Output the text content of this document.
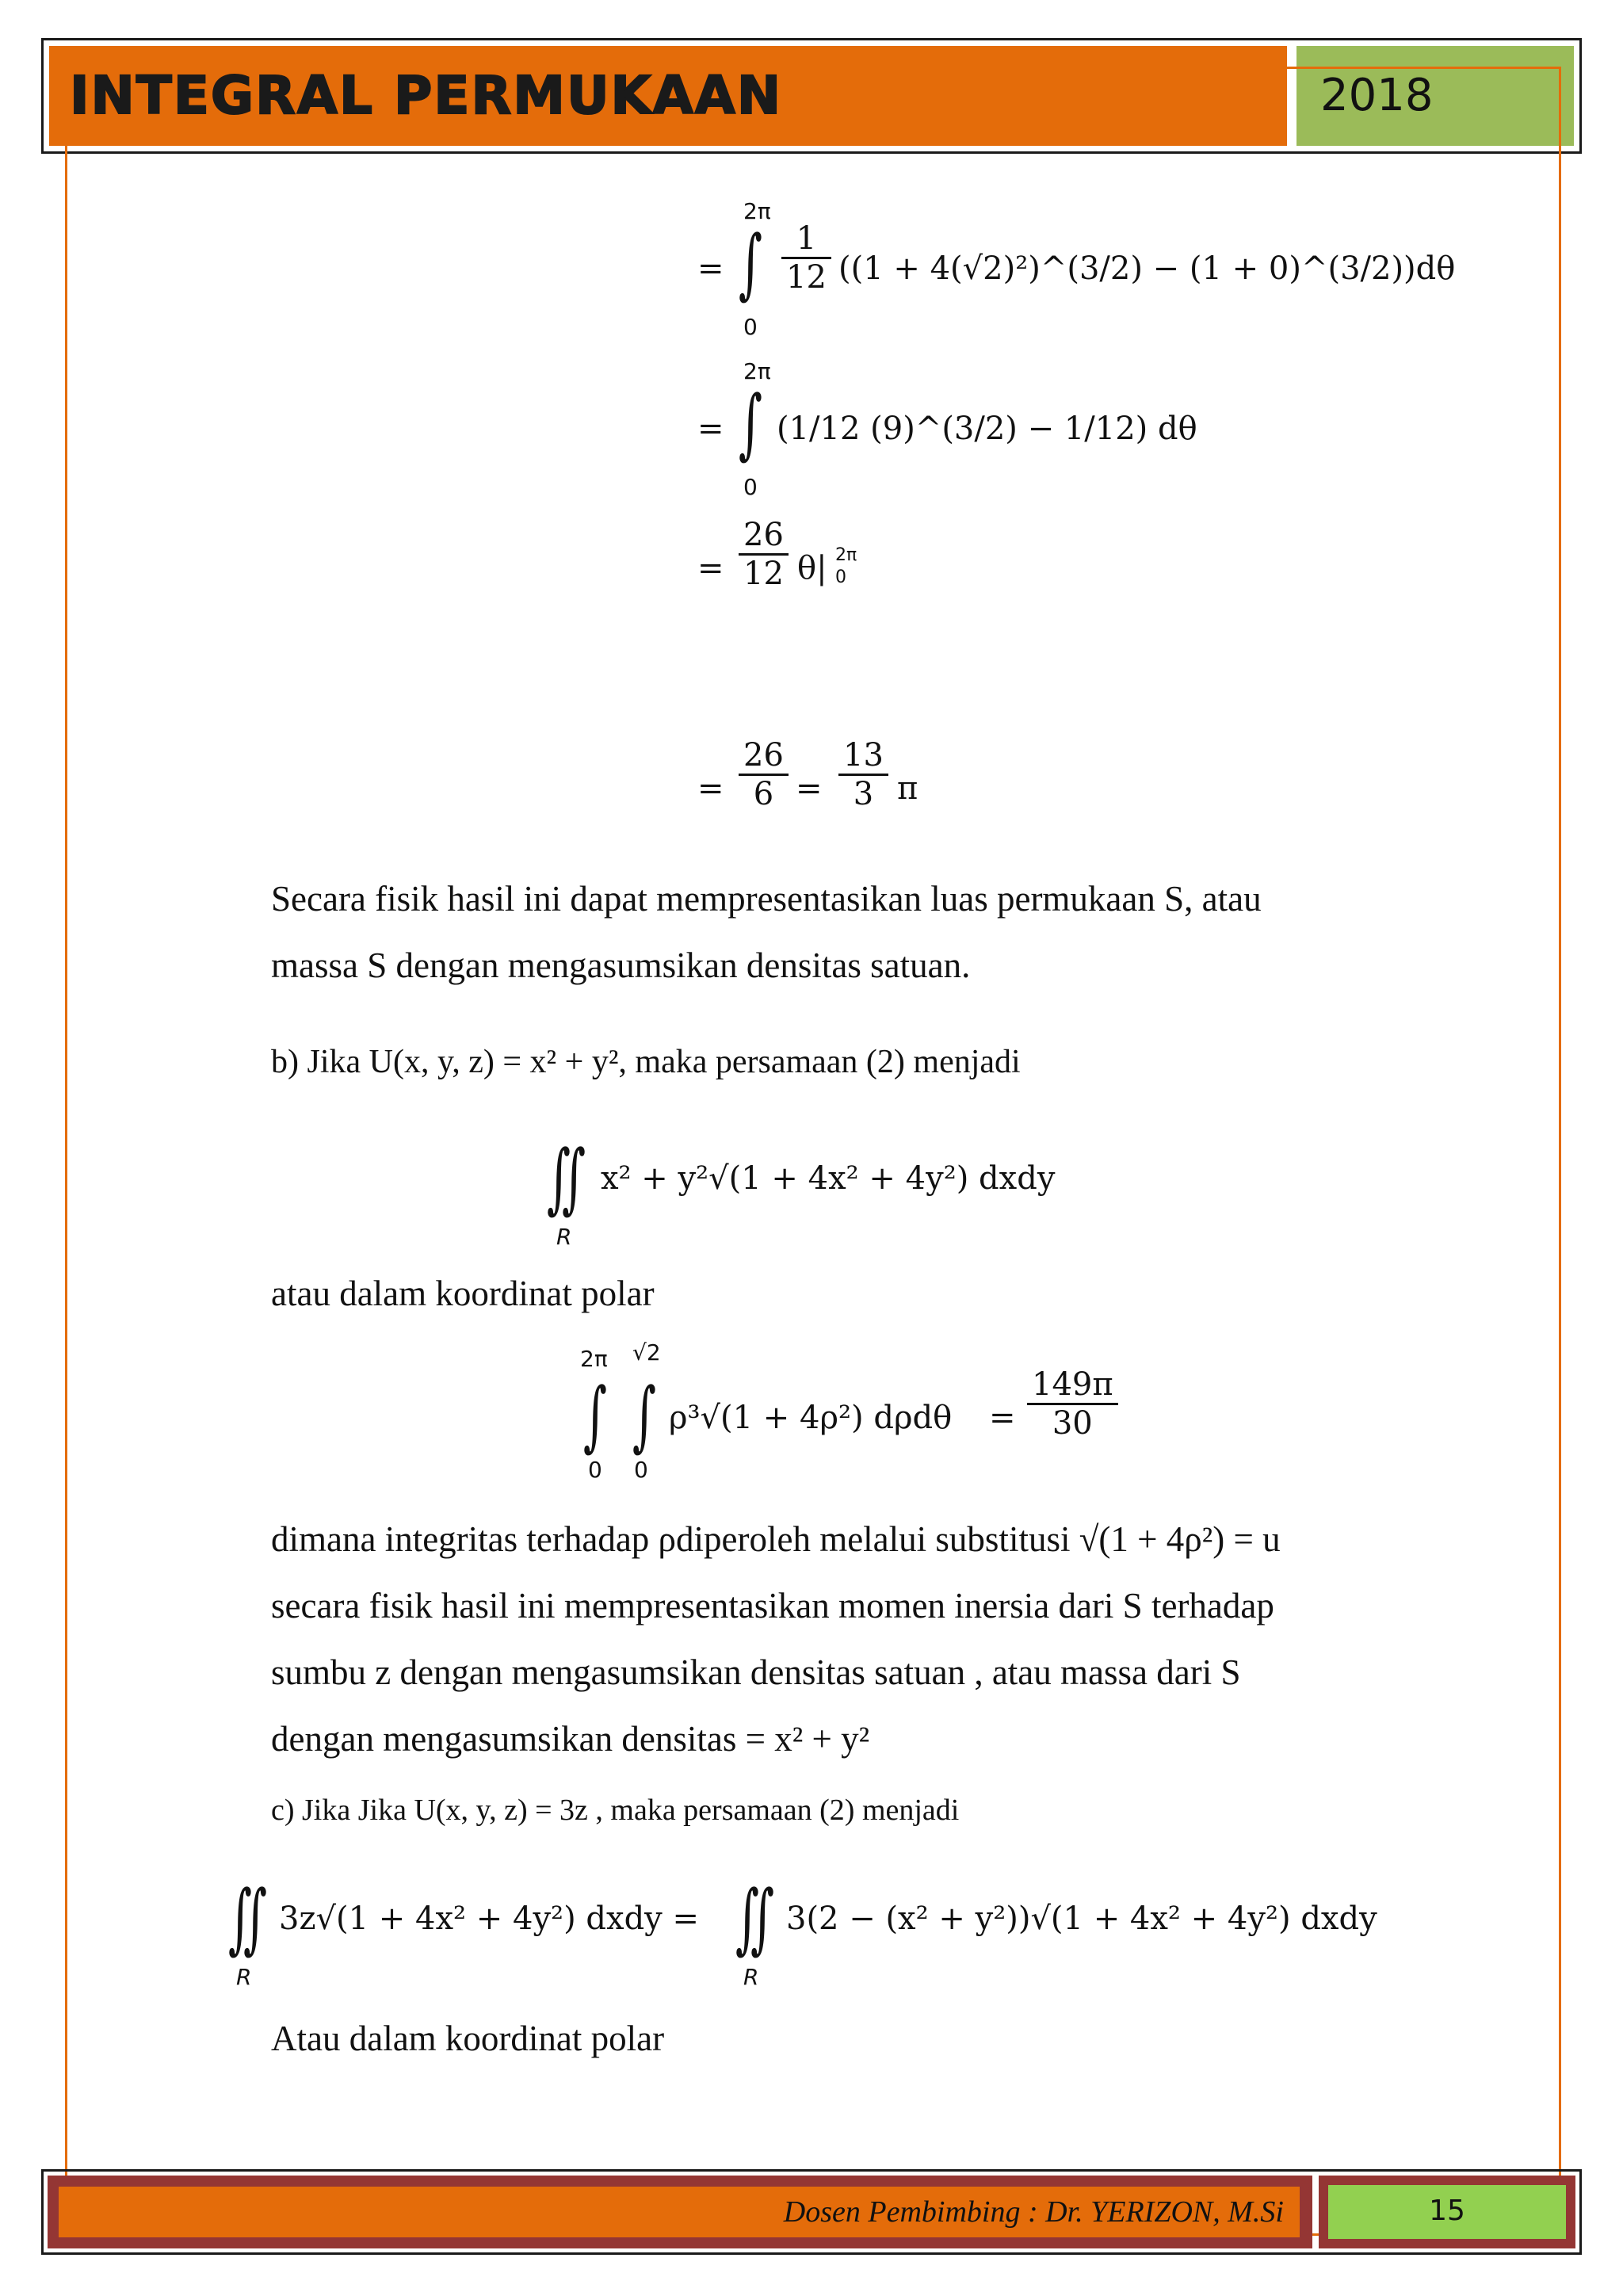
INTEGRAL PERMUKAAN	2018
= ∫
2π
0
$\frac{1}{12} ((1$ + 4(√2)²)^(3/2) − (1 + 0)^(3/2))dθ
= ∫
2π
0
(1/12 (9)^(3/2) − 1/12) dθ
= $\frac{26}{12} \theta|$ 2π
0
= $\frac{26}{6} = \frac{13}{3}$ π
Secara fisik hasil ini dapat mempresentasikan luas permukaan S, atau
massa S dengan mengasumsikan densitas satuan.
b) Jika U(x, y, z) = x² + y², maka persamaan (2) menjadi
∬
R
x² + y²√(1 + 4x² + 4y²) dxdy
atau dalam koordinat polar
∫ ∫
2π √2
0 0
ρ³√(1 + 4ρ²) $d\rho d\theta = \frac{149\pi}{30}$
dimana integritas terhadap ρdiperoleh melalui substitusi √(1 + 4ρ²) = u
secara fisik hasil ini mempresentasikan momen inersia dari S terhadap
sumbu z dengan mengasumsikan densitas satuan , atau massa dari S
dengan mengasumsikan densitas = x² + y²
c) Jika Jika U(x, y, z) = 3z , maka persamaan (2) menjadi
∬
R
3z√(1 + 4x² + 4y²) dxdy = ∬
R
3(2 − (x² + y²))√(1 + 4x² + 4y²) dxdy
Atau dalam koordinat polar
Dosen Pembimbing : Dr. YERIZON, M.Si	15
